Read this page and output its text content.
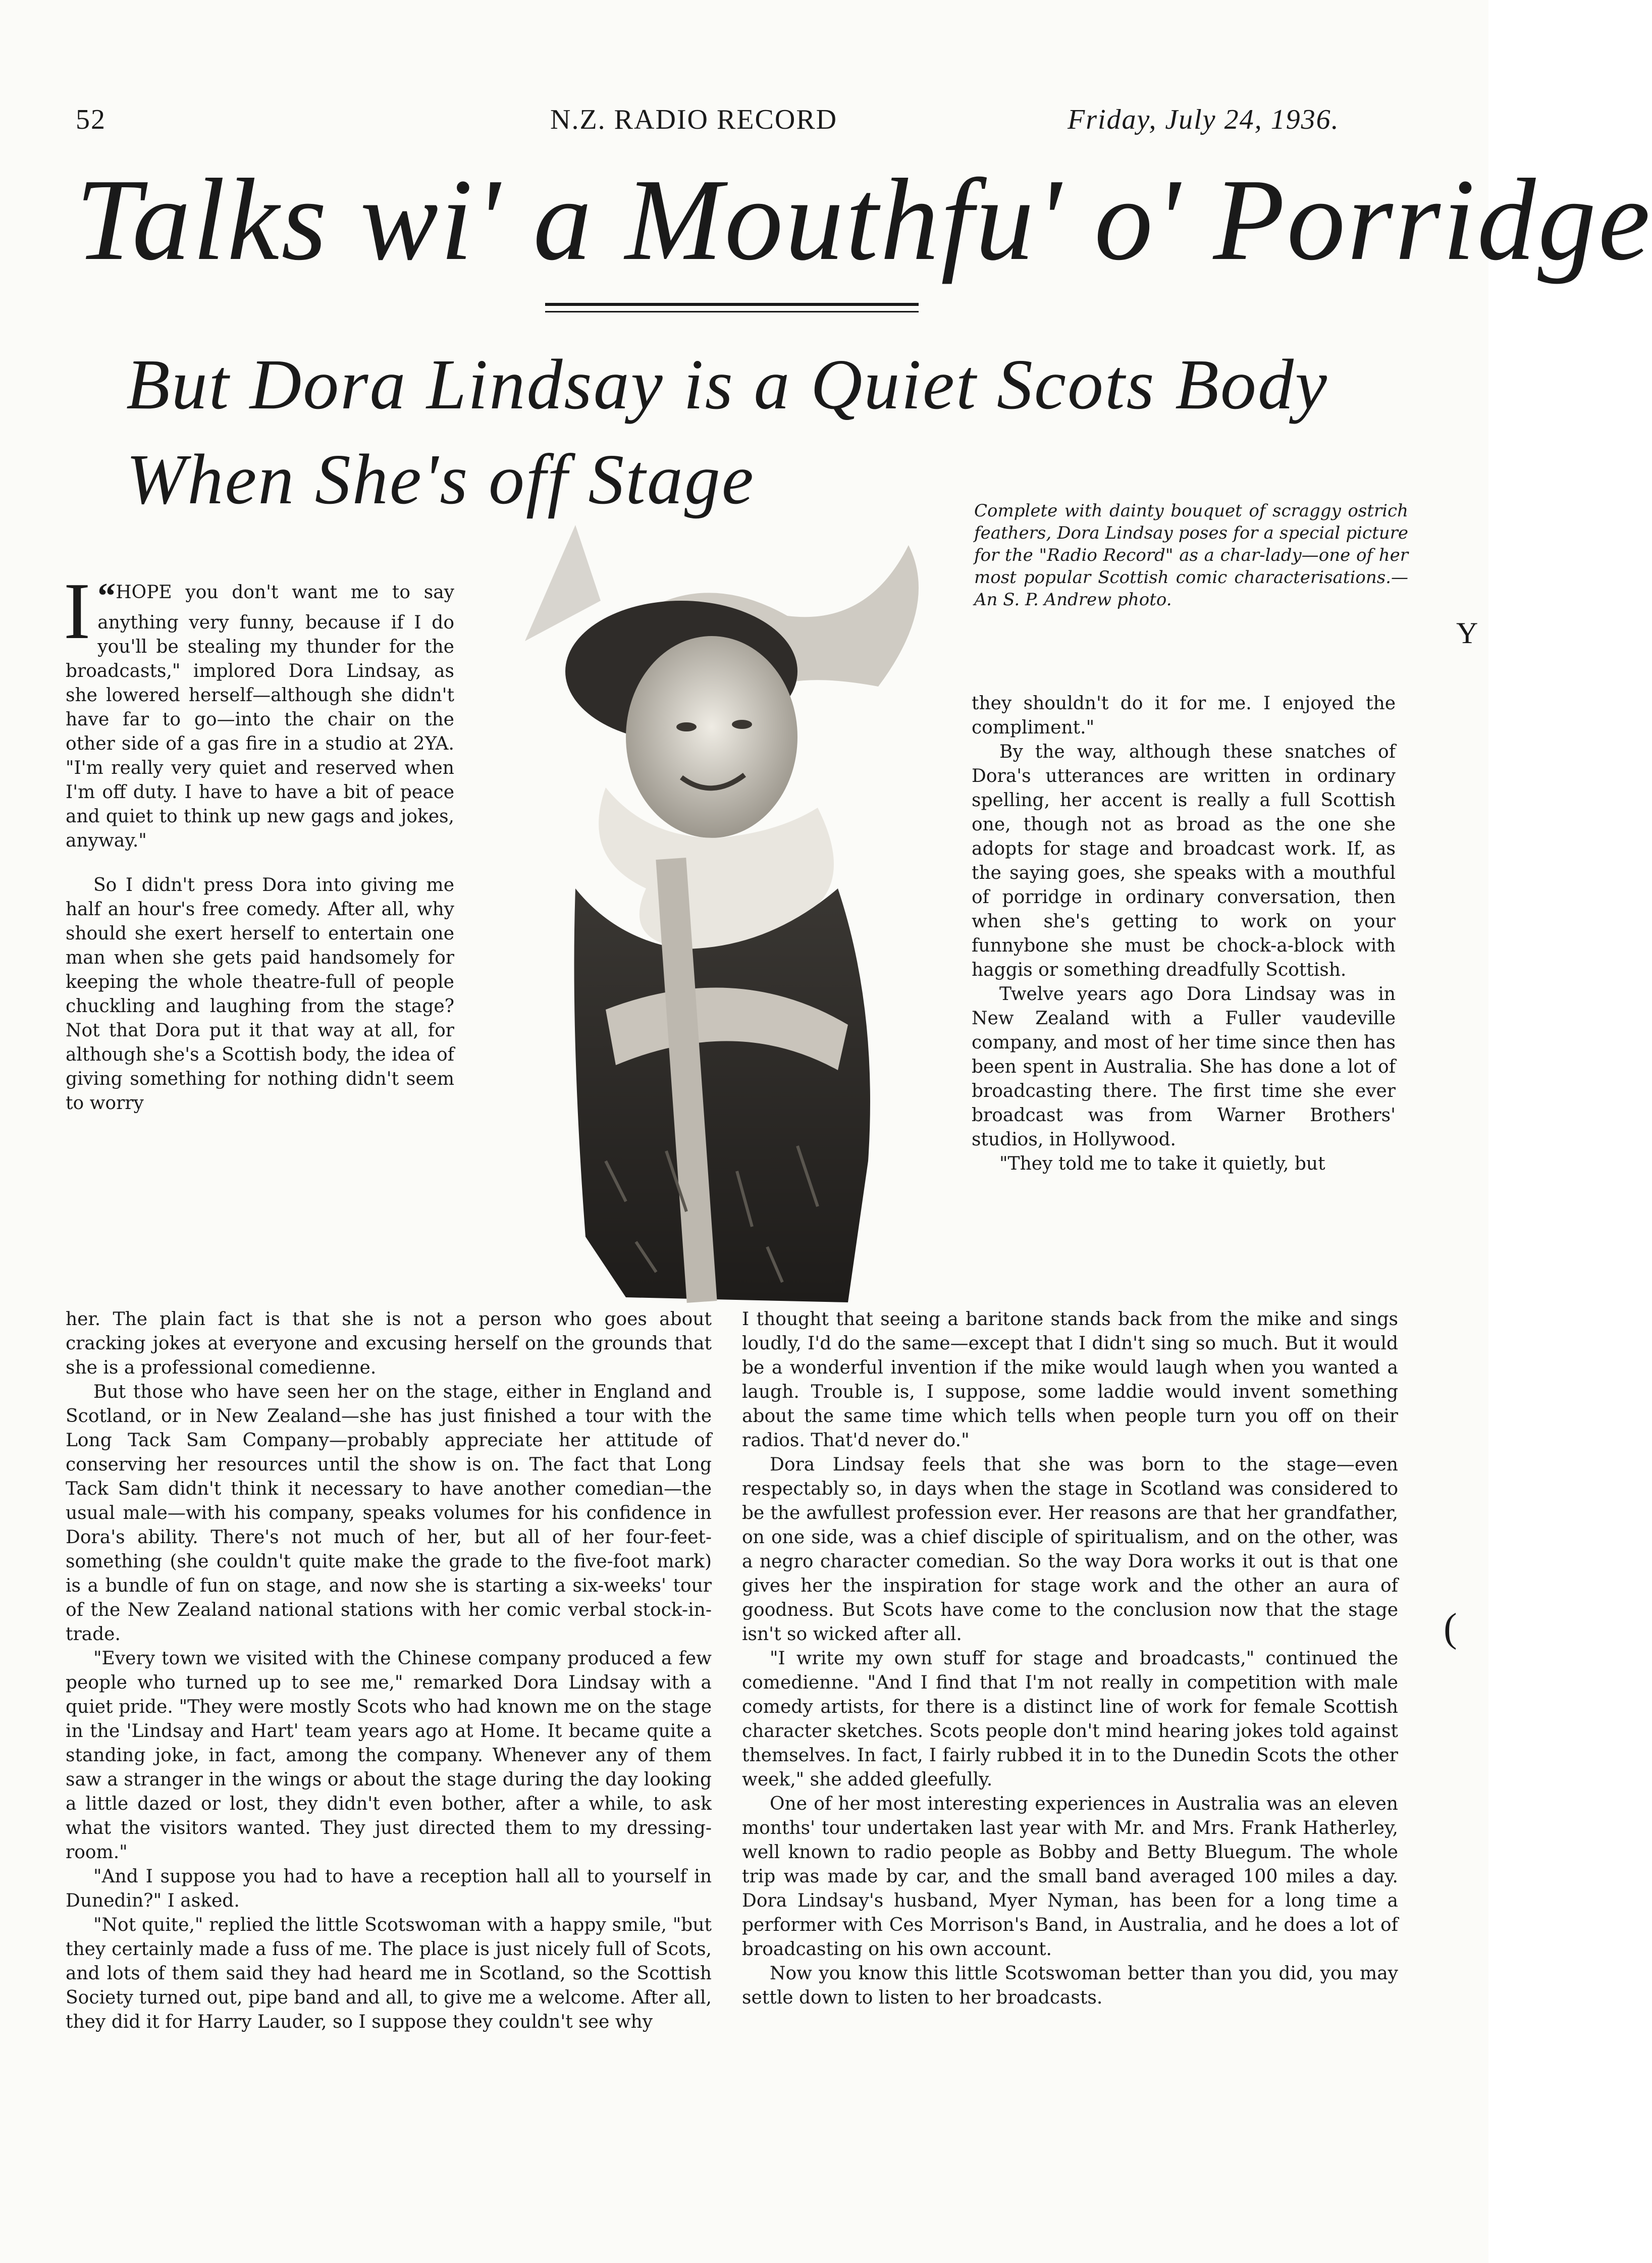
52	N.Z. RADIO RECORD	Friday, July 24, 1936.
Talks wi' a Mouthfu' o' Porridge
But Dora Lindsay is a Quiet Scots Body
When She's off Stage	Complete with dainty bouquet of scraggy ostrich feathers, Dora Lindsay poses for a special picture for the "Radio Record" as a char-lady—one of her most popular Scottish comic characterisations.—An S. P. Andrew photo.

“
I HOPE you don't want me to say anything very funny, because if I do you'll be stealing my thunder for the broadcasts," implored Dora Lindsay, as she lowered herself—although she didn't have far to go—into the chair on the other side of a gas fire in a studio at 2YA. "I'm really very quiet and reserved when I'm off duty. I have to have a bit of peace and quiet to think up new gags and jokes, anyway."

So I didn't press Dora into giving me half an hour's free comedy. After all, why should she exert herself to entertain one man when she gets paid handsomely for keeping the whole theatre-full of people chuckling and laughing from the stage? Not that Dora put it that way at all, for although she's a Scottish body, the idea of giving something for nothing didn't seem to worry

her. The plain fact is that she is not a person who goes about cracking jokes at everyone and excusing herself on the grounds that she is a professional comedienne.

But those who have seen her on the stage, either in England and Scotland, or in New Zealand—she has just finished a tour with the Long Tack Sam Company—probably appreciate her attitude of conserving her resources until the show is on. The fact that Long Tack Sam didn't think it necessary to have another comedian—the usual male—with his company, speaks volumes for his confidence in Dora's ability. There's not much of her, but all of her four-feet-something (she couldn't quite make the grade to the five-foot mark) is a bundle of fun on stage, and now she is starting a six-weeks' tour of the New Zealand national stations with her comic verbal stock-in-trade.

"Every town we visited with the Chinese company produced a few people who turned up to see me," remarked Dora Lindsay with a quiet pride. "They were mostly Scots who had known me on the stage in the 'Lindsay and Hart' team years ago at Home. It became quite a standing joke, in fact, among the company. Whenever any of them saw a stranger in the wings or about the stage during the day looking a little dazed or lost, they didn't even bother, after a while, to ask what the visitors wanted. They just directed them to my dressing-room."

"And I suppose you had to have a reception hall all to yourself in Dunedin?" I asked.

"Not quite," replied the little Scotswoman with a happy smile, "but they certainly made a fuss of me. The place is just nicely full of Scots, and lots of them said they had heard me in Scotland, so the Scottish Society turned out, pipe band and all, to give me a welcome. After all, they did it for Harry Lauder, so I suppose they couldn't see why

they shouldn't do it for me. I enjoyed the compliment."

By the way, although these snatches of Dora's utterances are written in ordinary spelling, her accent is really a full Scottish one, though not as broad as the one she adopts for stage and broadcast work. If, as the saying goes, she speaks with a mouthful of porridge in ordinary conversation, then when she's getting to work on your funnybone she must be chock-a-block with haggis or something dreadfully Scottish.

Twelve years ago Dora Lindsay was in New Zealand with a Fuller vaudeville company, and most of her time since then has been spent in Australia. She has done a lot of broadcasting there. The first time she ever broadcast was from Warner Brothers' studios, in Hollywood.

"They told me to take it quietly, but

I thought that seeing a baritone stands back from the mike and sings loudly, I'd do the same—except that I didn't sing so much. But it would be a wonderful invention if the mike would laugh when you wanted a laugh. Trouble is, I suppose, some laddie would invent something about the same time which tells when people turn you off on their radios. That'd never do."

Dora Lindsay feels that she was born to the stage—even respectably so, in days when the stage in Scotland was considered to be the awfullest profession ever. Her reasons are that her grandfather, on one side, was a chief disciple of spiritualism, and on the other, was a negro character comedian. So the way Dora works it out is that one gives her the inspiration for stage work and the other an aura of goodness. But Scots have come to the conclusion now that the stage isn't so wicked after all.

"I write my own stuff for stage and broadcasts," continued the comedienne. "And I find that I'm not really in competition with male comedy artists, for there is a distinct line of work for female Scottish character sketches. Scots people don't mind hearing jokes told against themselves. In fact, I fairly rubbed it in to the Dunedin Scots the other week," she added gleefully.

One of her most interesting experiences in Australia was an eleven months' tour undertaken last year with Mr. and Mrs. Frank Hatherley, well known to radio people as Bobby and Betty Bluegum. The whole trip was made by car, and the small band averaged 100 miles a day. Dora Lindsay's husband, Myer Nyman, has been for a long time a performer with Ces Morrison's Band, in Australia, and he does a lot of broadcasting on his own account.

Now you know this little Scotswoman better than you did, you may settle down to listen to her broadcasts.

Y
(
